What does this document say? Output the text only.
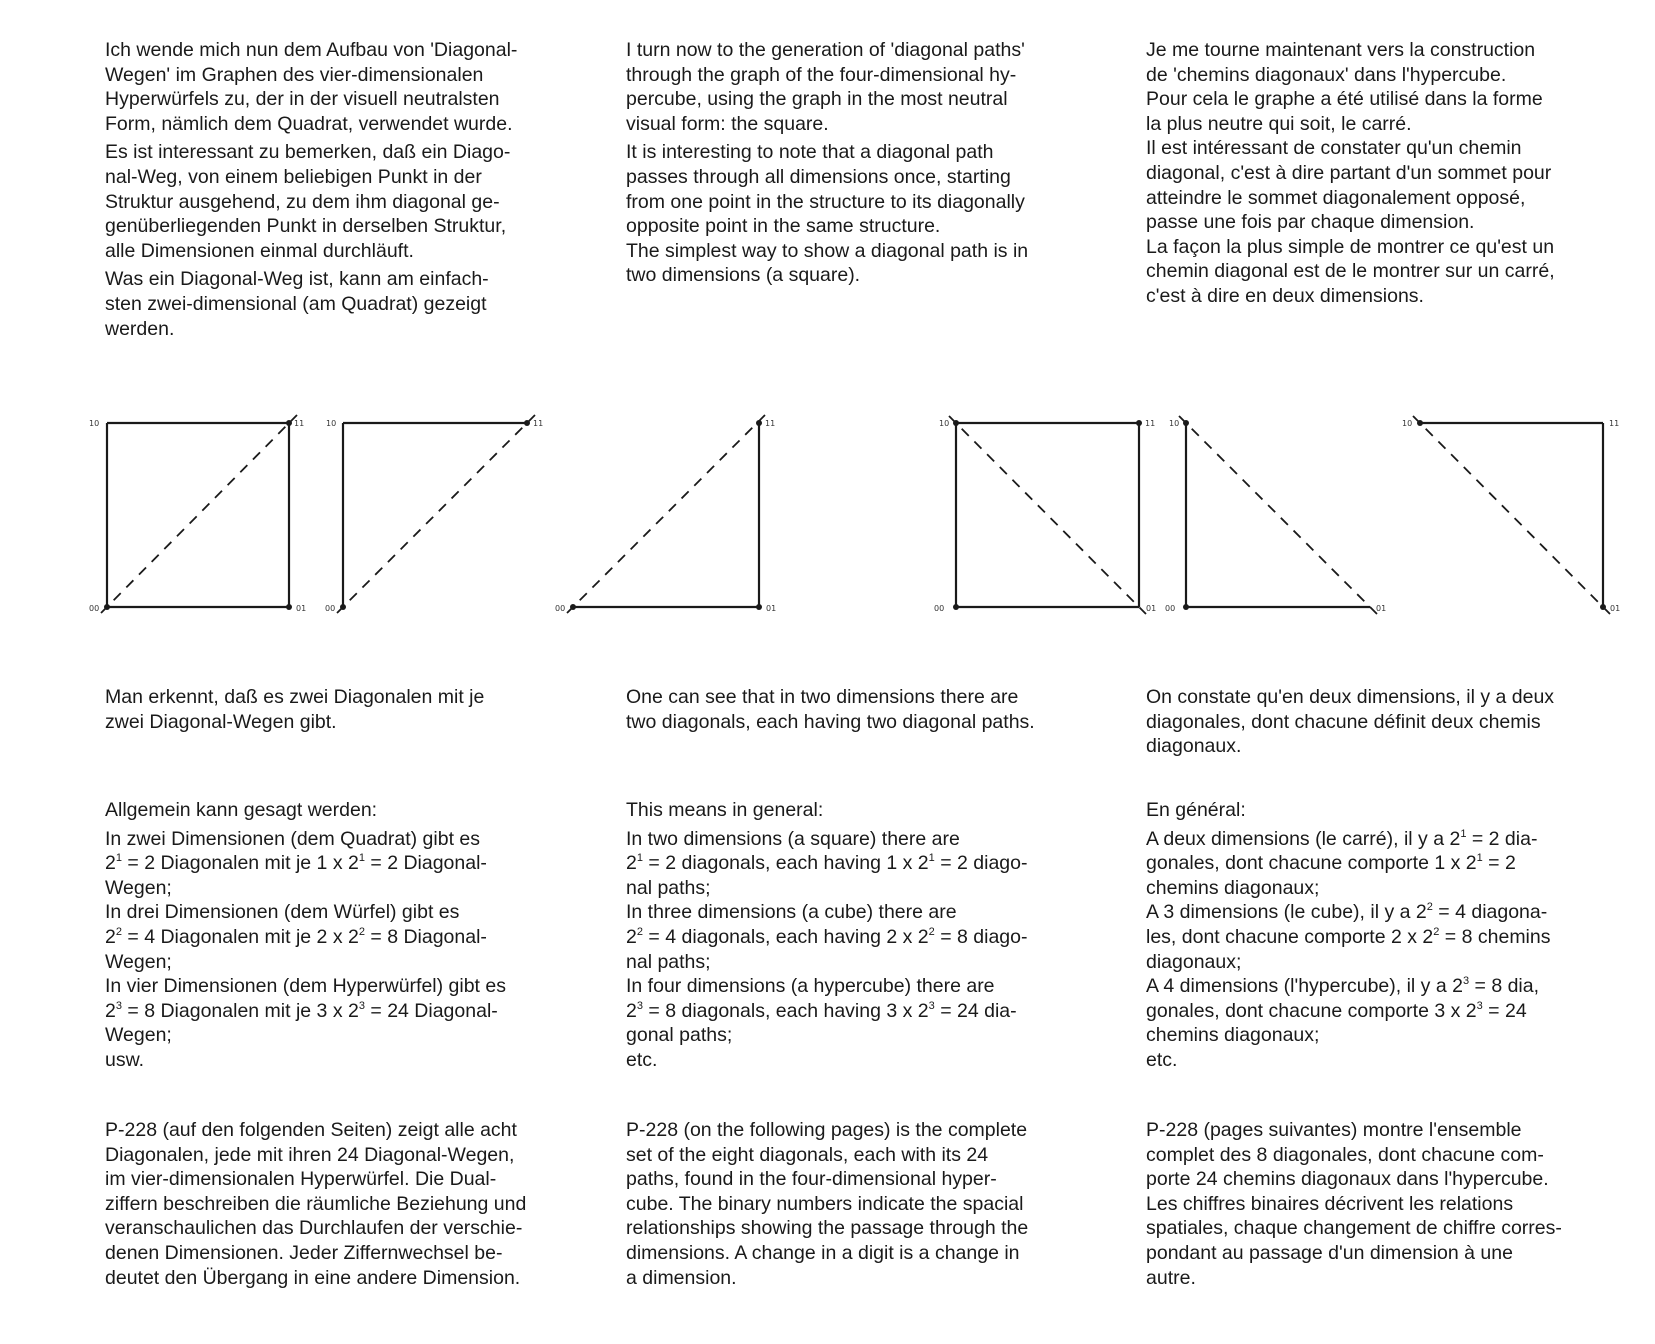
Ich wende mich nun dem Aufbau von 'Diagonal-
Wegen' im Graphen des vier-dimensionalen
Hyperwürfels zu, der in der visuell neutralsten
Form, nämlich dem Quadrat, verwendet wurde.

Es ist interessant zu bemerken, daß ein Diago-
nal-Weg, von einem beliebigen Punkt in der
Struktur ausgehend, zu dem ihm diagonal ge-
genüberliegenden Punkt in derselben Struktur,
alle Dimensionen einmal durchläuft.

Was ein Diagonal-Weg ist, kann am einfach-
sten zwei-dimensional (am Quadrat) gezeigt
werden.

I turn now to the generation of 'diagonal paths'
through the graph of the four-dimensional hy-
percube, using the graph in the most neutral
visual form: the square.

It is interesting to note that a diagonal path
passes through all dimensions once, starting
from one point in the structure to its diagonally
opposite point in the same structure.
The simplest way to show a diagonal path is in
two dimensions (a square).

Je me tourne maintenant vers la construction
de 'chemins diagonaux' dans l'hypercube.
Pour cela le graphe a été utilisé dans la forme
la plus neutre qui soit, le carré.
Il est intéressant de constater qu'un chemin
diagonal, c'est à dire partant d'un sommet pour
atteindre le sommet diagonalement opposé,
passe une fois par chaque dimension.
La façon la plus simple de montrer ce qu'est un
chemin diagonal est de le montrer sur un carré,
c'est à dire en deux dimensions.

10	11
00	01
10	11
00
11
00	01
10	11
00	01
10
00	01
10	11
01

Man erkennt, daß es zwei Diagonalen mit je
zwei Diagonal-Wegen gibt.

One can see that in two dimensions there are
two diagonals, each having two diagonal paths.

On constate qu'en deux dimensions, il y a deux
diagonales, dont chacune définit deux chemis
diagonaux.

Allgemein kann gesagt werden:

In zwei Dimensionen (dem Quadrat) gibt es
$2^1 = 2$ Diagonalen mit je 1 x $2^1 = 2$ Diagonal-
Wegen;
In drei Dimensionen (dem Würfel) gibt es
$2^2 = 4$ Diagonalen mit je 2 x $2^2 = 8$ Diagonal-
Wegen;
In vier Dimensionen (dem Hyperwürfel) gibt es
$2^3 = 8$ Diagonalen mit je 3 x $2^3 = 24$ Diagonal-
Wegen;
usw.

This means in general:

In two dimensions (a square) there are
$2^1 = 2$ diagonals, each having 1 x $2^1 = 2$ diago-
nal paths;
In three dimensions (a cube) there are
$2^2 = 4$ diagonals, each having 2 x $2^2 = 8$ diago-
nal paths;
In four dimensions (a hypercube) there are
$2^3 = 8$ diagonals, each having 3 x $2^3 = 24$ dia-
gonal paths;
etc.

En général:

A deux dimensions (le carré), il y a $2^1 = 2$ dia-
gonales, dont chacune comporte 1 x $2^1 = 2$
chemins diagonaux;
A 3 dimensions (le cube), il y a $2^2 = 4$ diagona-
les, dont chacune comporte 2 x $2^2 = 8$ chemins
diagonaux;
A 4 dimensions (l'hypercube), il y a $2^3 = 8$ dia,
gonales, dont chacune comporte 3 x $2^3 = 24$
chemins diagonaux;
etc.

P-228 (auf den folgenden Seiten) zeigt alle acht
Diagonalen, jede mit ihren 24 Diagonal-Wegen,
im vier-dimensionalen Hyperwürfel. Die Dual-
ziffern beschreiben die räumliche Beziehung und
veranschaulichen das Durchlaufen der verschie-
denen Dimensionen. Jeder Ziffernwechsel be-
deutet den Übergang in eine andere Dimension.

P-228 (on the following pages) is the complete
set of the eight diagonals, each with its 24
paths, found in the four-dimensional hyper-
cube. The binary numbers indicate the spacial
relationships showing the passage through the
dimensions. A change in a digit is a change in
a dimension.

P-228 (pages suivantes) montre l'ensemble
complet des 8 diagonales, dont chacune com-
porte 24 chemins diagonaux dans l'hypercube.
Les chiffres binaires décrivent les relations
spatiales, chaque changement de chiffre corres-
pondant au passage d'un dimension à une
autre.
